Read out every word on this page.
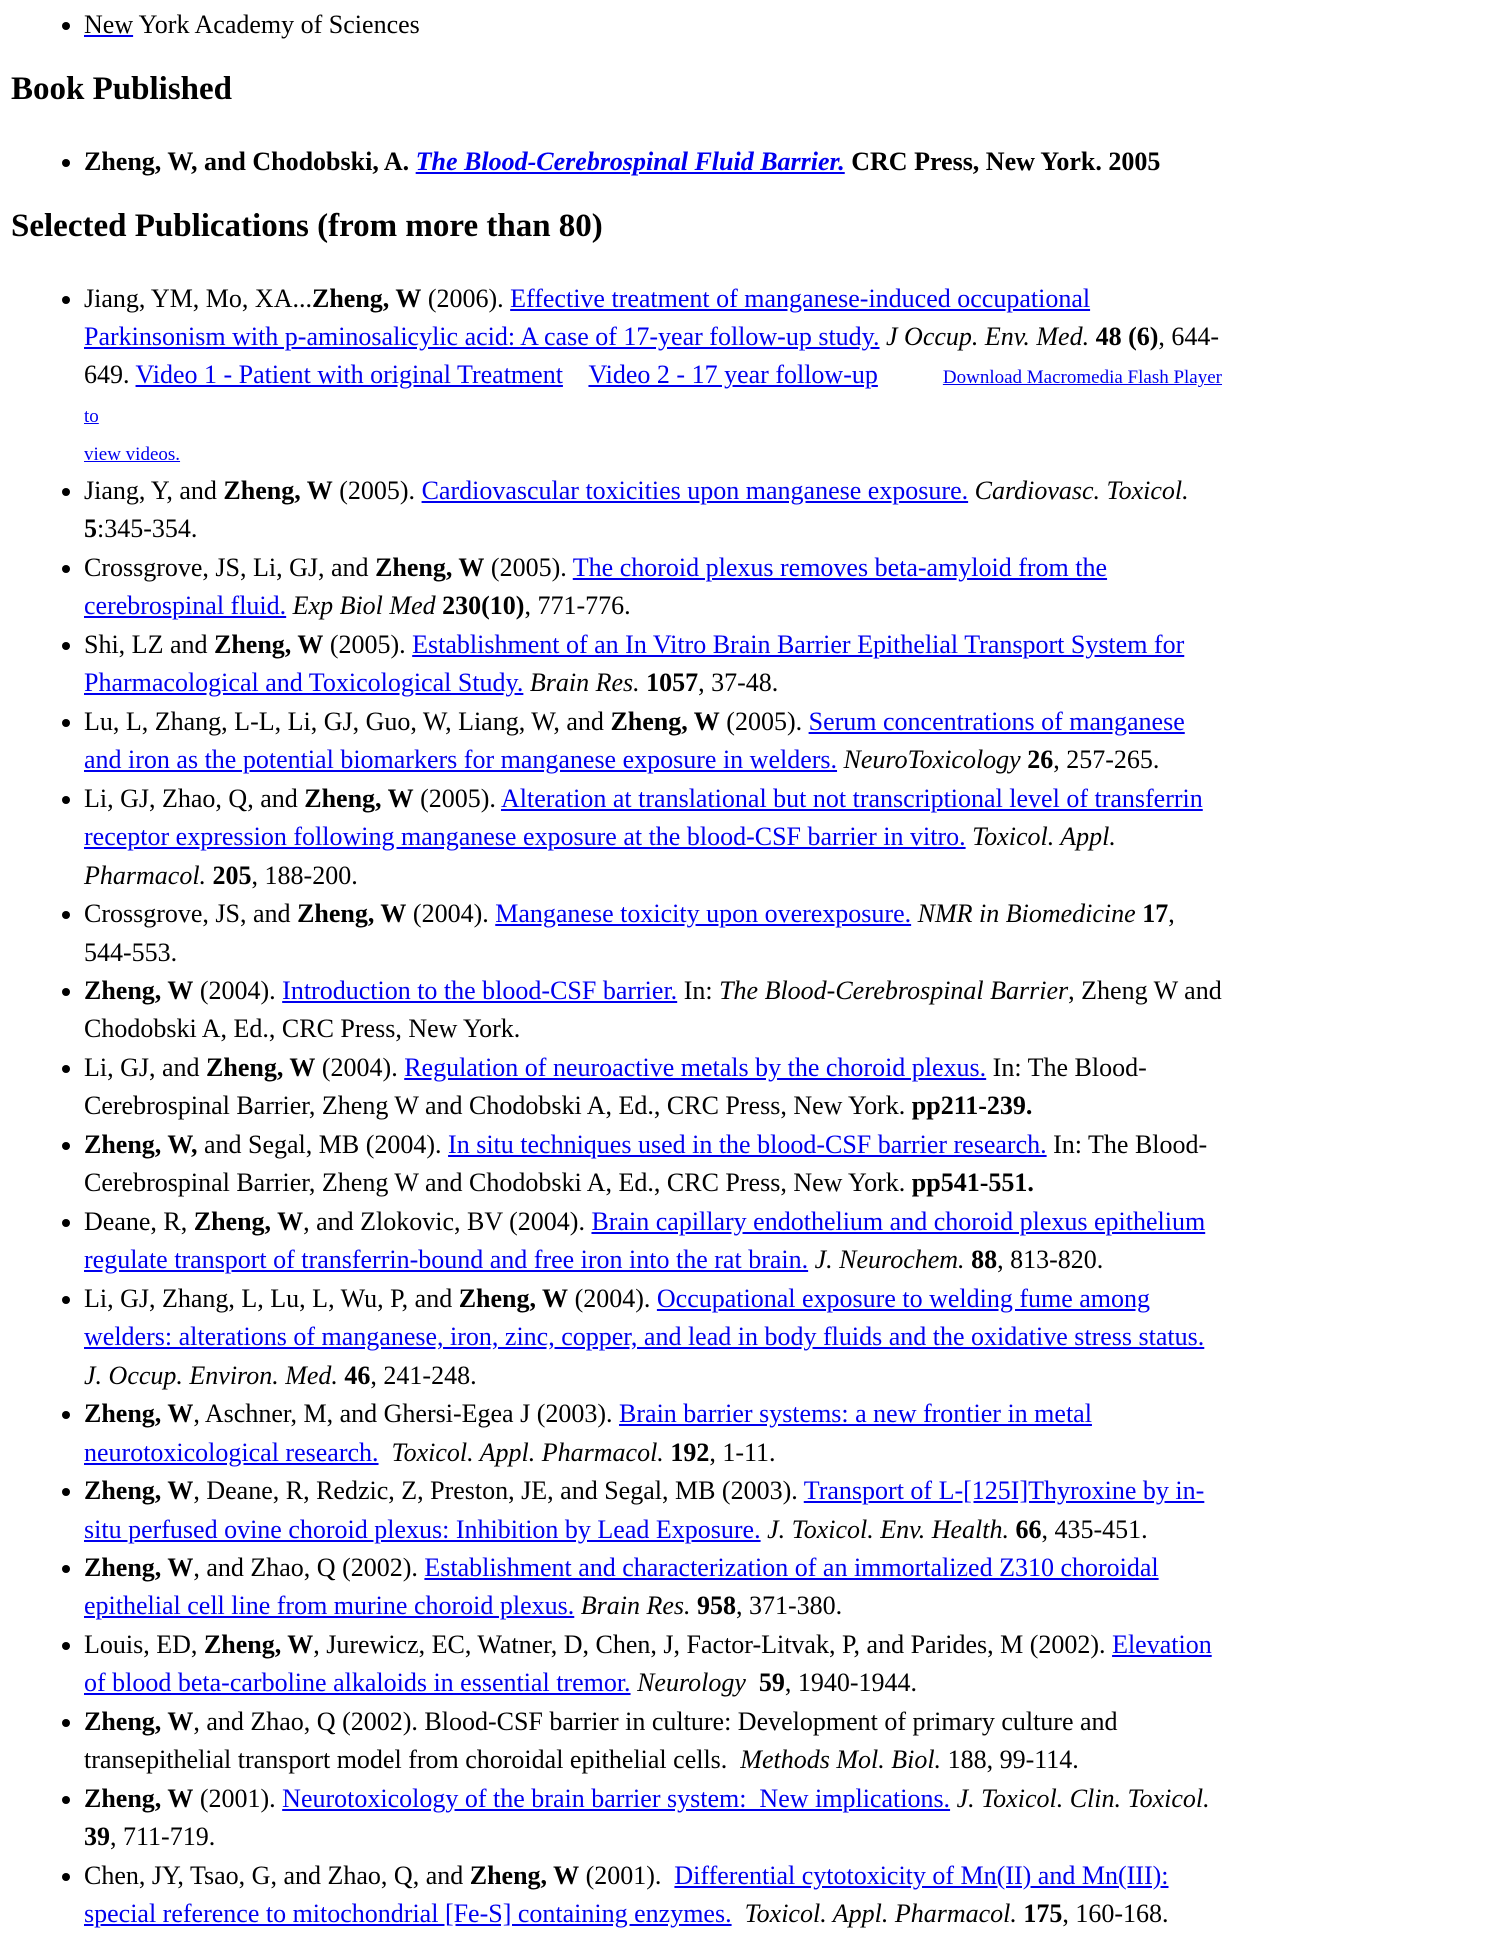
• New York Academy of Sciences
Book Published
• Zheng, W, and Chodobski, A. The Blood-Cerebrospinal Fluid Barrier. CRC Press, New York. 2005
Selected Publications (from more than 80)
• Jiang, YM, Mo, XA...Zheng, W (2006). Effective treatment of manganese-induced occupational Parkinsonism with p-aminosalicylic acid: A case of 17-year follow-up study. J Occup. Env. Med. 48 (6), 644-649. Video 1 - Patient with original Treatment Video 2 - 17 year follow-up	Download Macromedia Flash Player to
view videos.
• Jiang, Y, and Zheng, W (2005). Cardiovascular toxicities upon manganese exposure. Cardiovasc. Toxicol. 5:345-354.
• Crossgrove, JS, Li, GJ, and Zheng, W (2005). The choroid plexus removes beta-amyloid from the cerebrospinal fluid. Exp Biol Med 230(10), 771-776.
• Shi, LZ and Zheng, W (2005). Establishment of an In Vitro Brain Barrier Epithelial Transport System for Pharmacological and Toxicological Study. Brain Res. 1057, 37-48.
• Lu, L, Zhang, L-L, Li, GJ, Guo, W, Liang, W, and Zheng, W (2005). Serum concentrations of manganese and iron as the potential biomarkers for manganese exposure in welders. NeuroToxicology 26, 257-265.
• Li, GJ, Zhao, Q, and Zheng, W (2005). Alteration at translational but not transcriptional level of transferrin receptor expression following manganese exposure at the blood-CSF barrier in vitro. Toxicol. Appl. Pharmacol. 205, 188-200.
• Crossgrove, JS, and Zheng, W (2004). Manganese toxicity upon overexposure. NMR in Biomedicine 17, 544-553.
• Zheng, W (2004). Introduction to the blood-CSF barrier. In: The Blood-Cerebrospinal Barrier, Zheng W and Chodobski A, Ed., CRC Press, New York.
• Li, GJ, and Zheng, W (2004). Regulation of neuroactive metals by the choroid plexus. In: The Blood-Cerebrospinal Barrier, Zheng W and Chodobski A, Ed., CRC Press, New York. pp211-239.
• Zheng, W, and Segal, MB (2004). In situ techniques used in the blood-CSF barrier research. In: The Blood-Cerebrospinal Barrier, Zheng W and Chodobski A, Ed., CRC Press, New York. pp541-551.
• Deane, R, Zheng, W, and Zlokovic, BV (2004). Brain capillary endothelium and choroid plexus epithelium regulate transport of transferrin-bound and free iron into the rat brain. J. Neurochem. 88, 813-820.
• Li, GJ, Zhang, L, Lu, L, Wu, P, and Zheng, W (2004). Occupational exposure to welding fume among welders: alterations of manganese, iron, zinc, copper, and lead in body fluids and the oxidative stress status. J. Occup. Environ. Med. 46, 241-248.
• Zheng, W, Aschner, M, and Ghersi-Egea J (2003). Brain barrier systems: a new frontier in metal neurotoxicological research.  Toxicol. Appl. Pharmacol. 192, 1-11.
• Zheng, W, Deane, R, Redzic, Z, Preston, JE, and Segal, MB (2003). Transport of L-[125I]Thyroxine by in-situ perfused ovine choroid plexus: Inhibition by Lead Exposure. J. Toxicol. Env. Health. 66, 435-451.
• Zheng, W, and Zhao, Q (2002). Establishment and characterization of an immortalized Z310 choroidal epithelial cell line from murine choroid plexus. Brain Res. 958, 371-380.
• Louis, ED, Zheng, W, Jurewicz, EC, Watner, D, Chen, J, Factor-Litvak, P, and Parides, M (2002). Elevation of blood beta-carboline alkaloids in essential tremor. Neurology  59, 1940-1944.
• Zheng, W, and Zhao, Q (2002). Blood-CSF barrier in culture: Development of primary culture and transepithelial transport model from choroidal epithelial cells.  Methods Mol. Biol. 188, 99-114.
• Zheng, W (2001). Neurotoxicology of the brain barrier system:  New implications. J. Toxicol. Clin. Toxicol. 39, 711-719.
• Chen, JY, Tsao, G, and Zhao, Q, and Zheng, W (2001).  Differential cytotoxicity of Mn(II) and Mn(III): special reference to mitochondrial [Fe-S] containing enzymes.  Toxicol. Appl. Pharmacol. 175, 160-168.
